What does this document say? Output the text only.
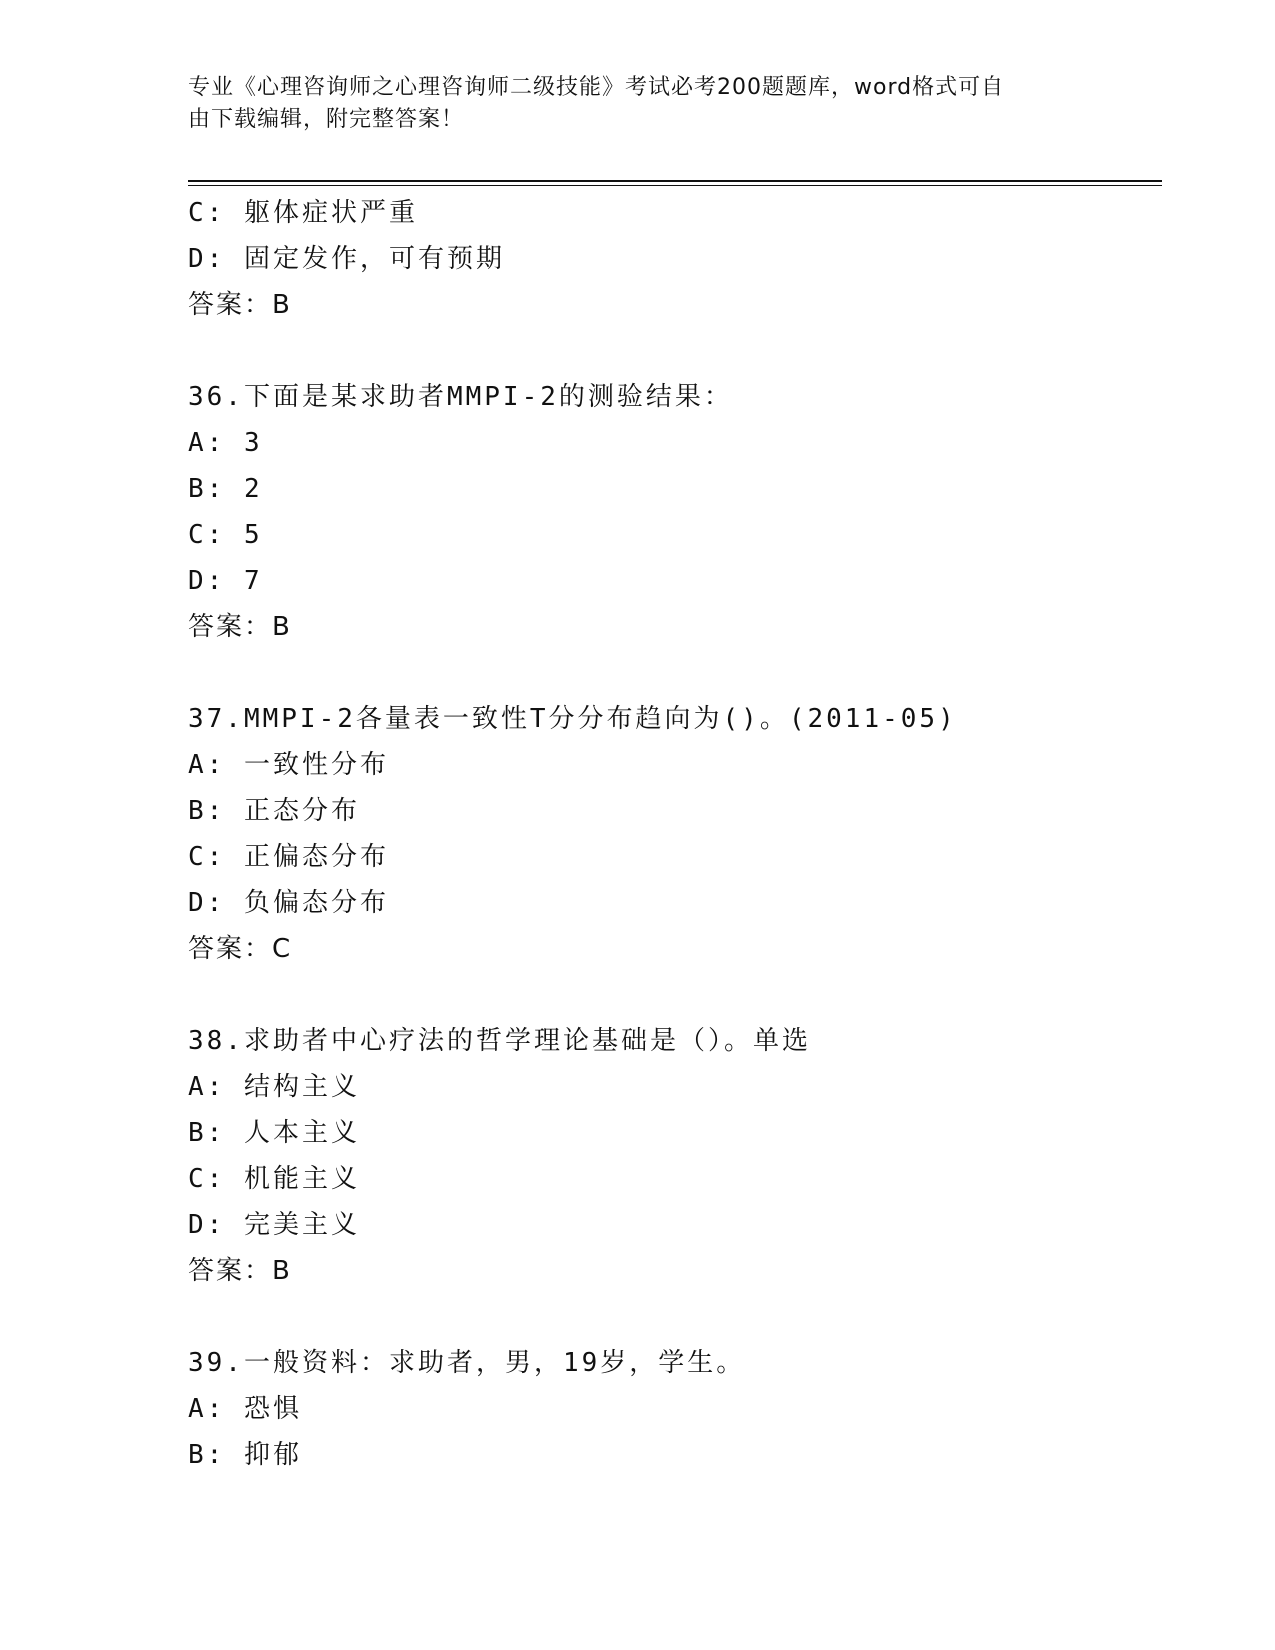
专业《心理咨询师之心理咨询师二级技能》考试必考200题题库，word格式可自
由下载编辑，附完整答案！
C: 躯体症状严重
D: 固定发作，可有预期
答案：B
36.下面是某求助者MMPI-2的测验结果：
A: 3
B: 2
C: 5
D: 7
答案：B
37.MMPI-2各量表一致性T分分布趋向为()。(2011-05)
A: 一致性分布
B: 正态分布
C: 正偏态分布
D: 负偏态分布
答案：C
38.求助者中心疗法的哲学理论基础是（）。单选
A: 结构主义
B: 人本主义
C: 机能主义
D: 完美主义
答案：B
39.一般资料：求助者，男，19岁，学生。
A: 恐惧
B: 抑郁
